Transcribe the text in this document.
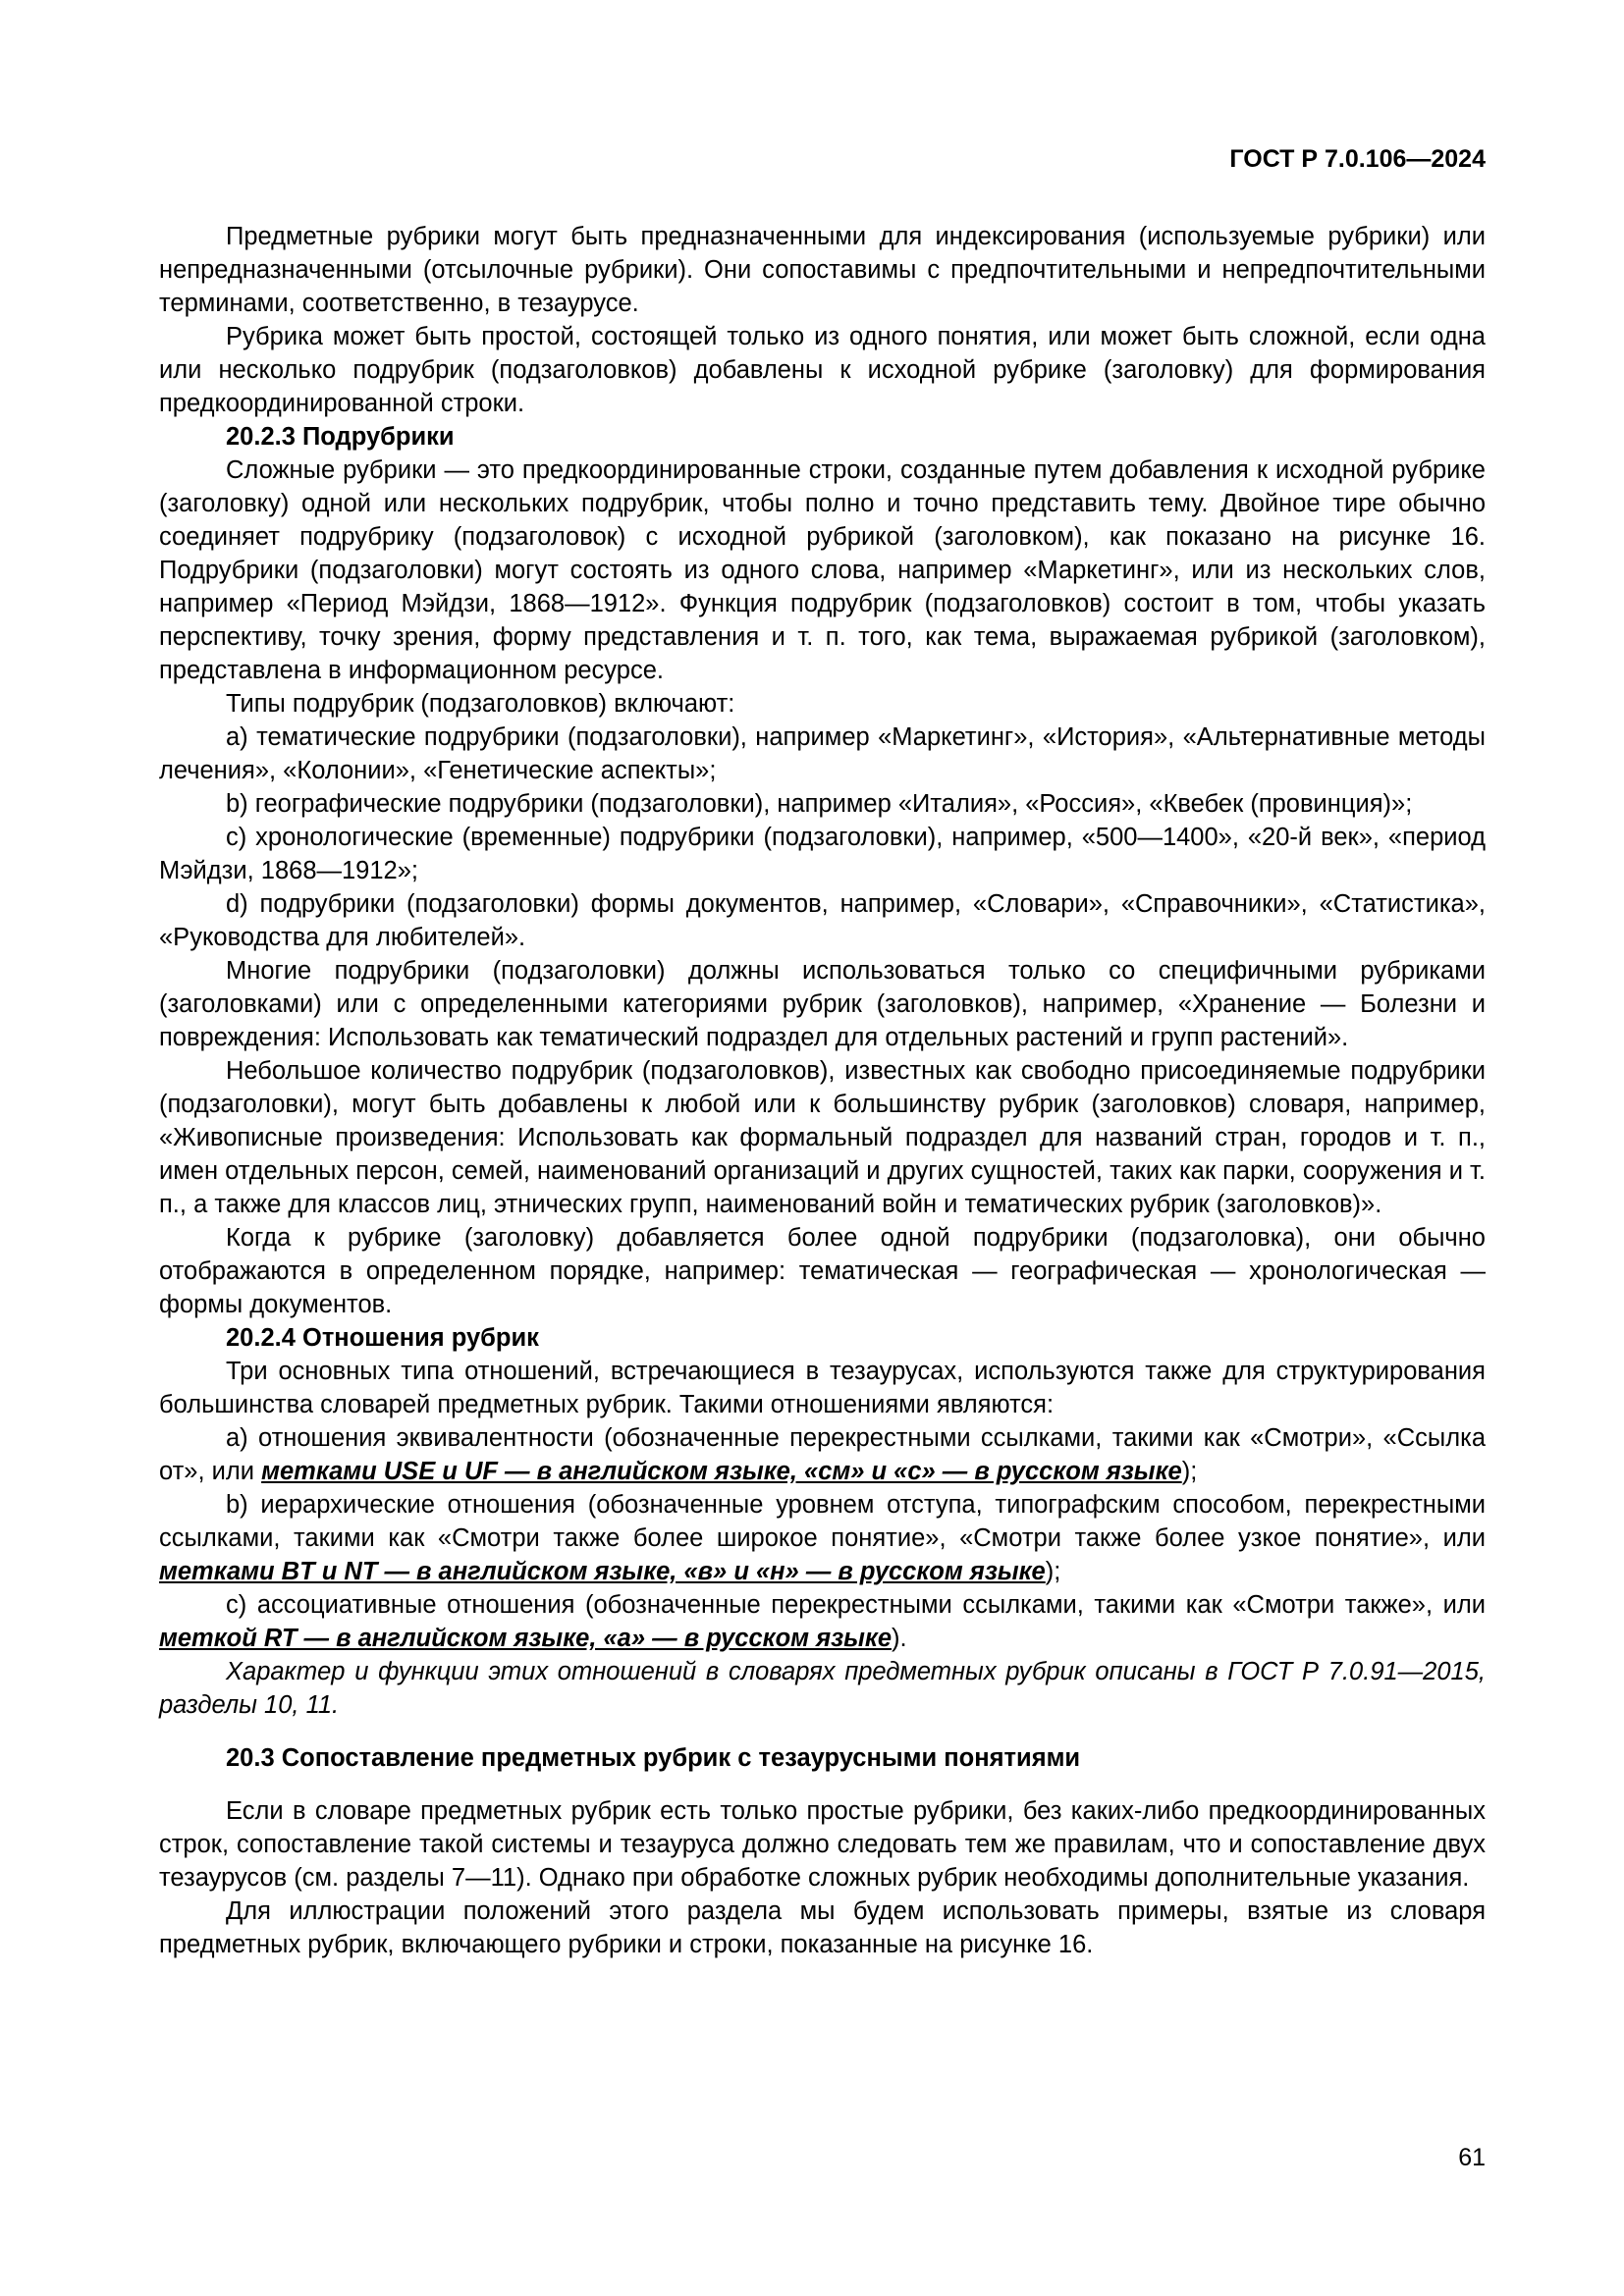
ГОСТ Р 7.0.106—2024

Предметные рубрики могут быть предназначенными для индексирования (используемые рубрики) или непредназначенными (отсылочные рубрики). Они сопоставимы с предпочтительными и непредпочтительными терминами, соответственно, в тезаурусе.

Рубрика может быть простой, состоящей только из одного понятия, или может быть сложной, если одна или несколько подрубрик (подзаголовков) добавлены к исходной рубрике (заголовку) для формирования предкоординированной строки.

20.2.3 Подрубрики

Сложные рубрики — это предкоординированные строки, созданные путем добавления к исходной рубрике (заголовку) одной или нескольких подрубрик, чтобы полно и точно представить тему. Двойное тире обычно соединяет подрубрику (подзаголовок) с исходной рубрикой (заголовком), как показано на рисунке 16. Подрубрики (подзаголовки) могут состоять из одного слова, например «Маркетинг», или из нескольких слов, например «Период Мэйдзи, 1868—1912». Функция подрубрик (подзаголовков) состоит в том, чтобы указать перспективу, точку зрения, форму представления и т. п. того, как тема, выражаемая рубрикой (заголовком), представлена в информационном ресурсе.

Типы подрубрик (подзаголовков) включают:

a) тематические подрубрики (подзаголовки), например «Маркетинг», «История», «Альтернативные методы лечения», «Колонии», «Генетические аспекты»;

b) географические подрубрики (подзаголовки), например «Италия», «Россия», «Квебек (провинция)»;

c) хронологические (временные) подрубрики (подзаголовки), например, «500—1400», «20-й век», «период Мэйдзи, 1868—1912»;

d) подрубрики (подзаголовки) формы документов, например, «Словари», «Справочники», «Статистика», «Руководства для любителей».

Многие подрубрики (подзаголовки) должны использоваться только со специфичными рубриками (заголовками) или с определенными категориями рубрик (заголовков), например, «Хранение — Болезни и повреждения: Использовать как тематический подраздел для отдельных растений и групп растений».

Небольшое количество подрубрик (подзаголовков), известных как свободно присоединяемые подрубрики (подзаголовки), могут быть добавлены к любой или к большинству рубрик (заголовков) словаря, например, «Живописные произведения: Использовать как формальный подраздел для названий стран, городов и т. п., имен отдельных персон, семей, наименований организаций и других сущностей, таких как парки, сооружения и т. п., а также для классов лиц, этнических групп, наименований войн и тематических рубрик (заголовков)».

Когда к рубрике (заголовку) добавляется более одной подрубрики (подзаголовка), они обычно отображаются в определенном порядке, например: тематическая — географическая — хронологическая — формы документов.

20.2.4 Отношения рубрик

Три основных типа отношений, встречающиеся в тезаурусах, используются также для структурирования большинства словарей предметных рубрик. Такими отношениями являются:

a) отношения эквивалентности (обозначенные перекрестными ссылками, такими как «Смотри», «Ссылка от», или метками USE и UF — в английском языке, «см» и «с» — в русском языке);

b) иерархические отношения (обозначенные уровнем отступа, типографским способом, перекрестными ссылками, такими как «Смотри также более широкое понятие», «Смотри также более узкое понятие», или метками BT и NT — в английском языке, «в» и «н» — в русском языке);

c) ассоциативные отношения (обозначенные перекрестными ссылками, такими как «Смотри также», или меткой RT — в английском языке, «а» — в русском языке).

Характер и функции этих отношений в словарях предметных рубрик описаны в ГОСТ Р 7.0.91—2015, разделы 10, 11.

20.3 Сопоставление предметных рубрик с тезаурусными понятиями

Если в словаре предметных рубрик есть только простые рубрики, без каких-либо предкоординированных строк, сопоставление такой системы и тезауруса должно следовать тем же правилам, что и сопоставление двух тезаурусов (см. разделы 7—11). Однако при обработке сложных рубрик необходимы дополнительные указания.

Для иллюстрации положений этого раздела мы будем использовать примеры, взятые из словаря предметных рубрик, включающего рубрики и строки, показанные на рисунке 16.

61
